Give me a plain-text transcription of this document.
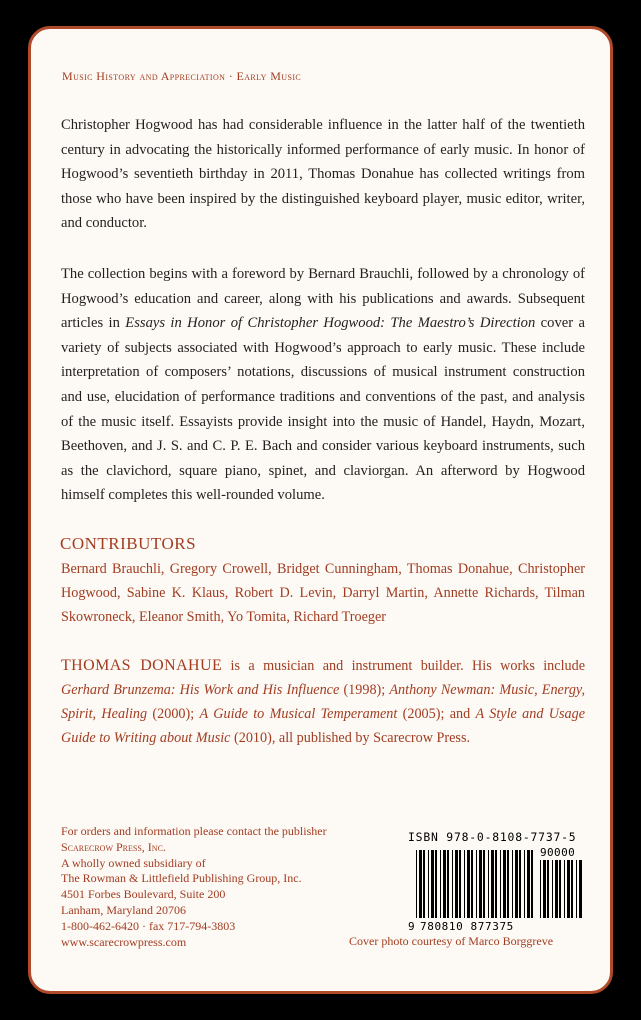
Music History and Appreciation · Early Music

Christopher Hogwood has had considerable influence in the latter half of the twentieth century in advocating the historically informed performance of early music. In honor of Hogwood’s seventieth birthday in 2011, Thomas Donahue has collected writings from those who have been inspired by the distinguished keyboard player, music editor, writer, and conductor.

The collection begins with a foreword by Bernard Brauchli, followed by a chronology of Hogwood’s education and career, along with his publications and awards. Subsequent articles in Essays in Honor of Christopher Hogwood: The Maestro’s Direction cover a variety of subjects associated with Hogwood’s approach to early music. These include interpretation of composers’ notations, discussions of musical instrument construction and use, elucidation of performance traditions and conventions of the past, and analysis of the music itself. Essayists provide insight into the music of Handel, Haydn, Mozart, Beethoven, and J. S. and C. P. E. Bach and consider various keyboard instruments, such as the clavichord, square piano, spinet, and claviorgan. An afterword by Hogwood himself completes this well-rounded volume.

CONTRIBUTORS

Bernard Brauchli, Gregory Crowell, Bridget Cunningham, Thomas Donahue, Christopher Hogwood, Sabine K. Klaus, Robert D. Levin, Darryl Martin, Annette Richards, Tilman Skowroneck, Eleanor Smith, Yo Tomita, Richard Troeger

THOMAS DONAHUE is a musician and instrument builder. His works include Gerhard Brunzema: His Work and His Influence (1998); Anthony Newman: Music, Energy, Spirit, Healing (2000); A Guide to Musical Temperament (2005); and A Style and Usage Guide to Writing about Music (2010), all published by Scarecrow Press.

For orders and information please contact the publisher
Scarecrow Press, Inc.
A wholly owned subsidiary of
The Rowman & Littlefield Publishing Group, Inc.
4501 Forbes Boulevard, Suite 200
Lanham, Maryland 20706
1-800-462-6420 · fax 717-794-3803
www.scarecrowpress.com
ISBN 978-0-8108-7737-5
9 780810 877375
90000
Cover photo courtesy of Marco Borggreve
